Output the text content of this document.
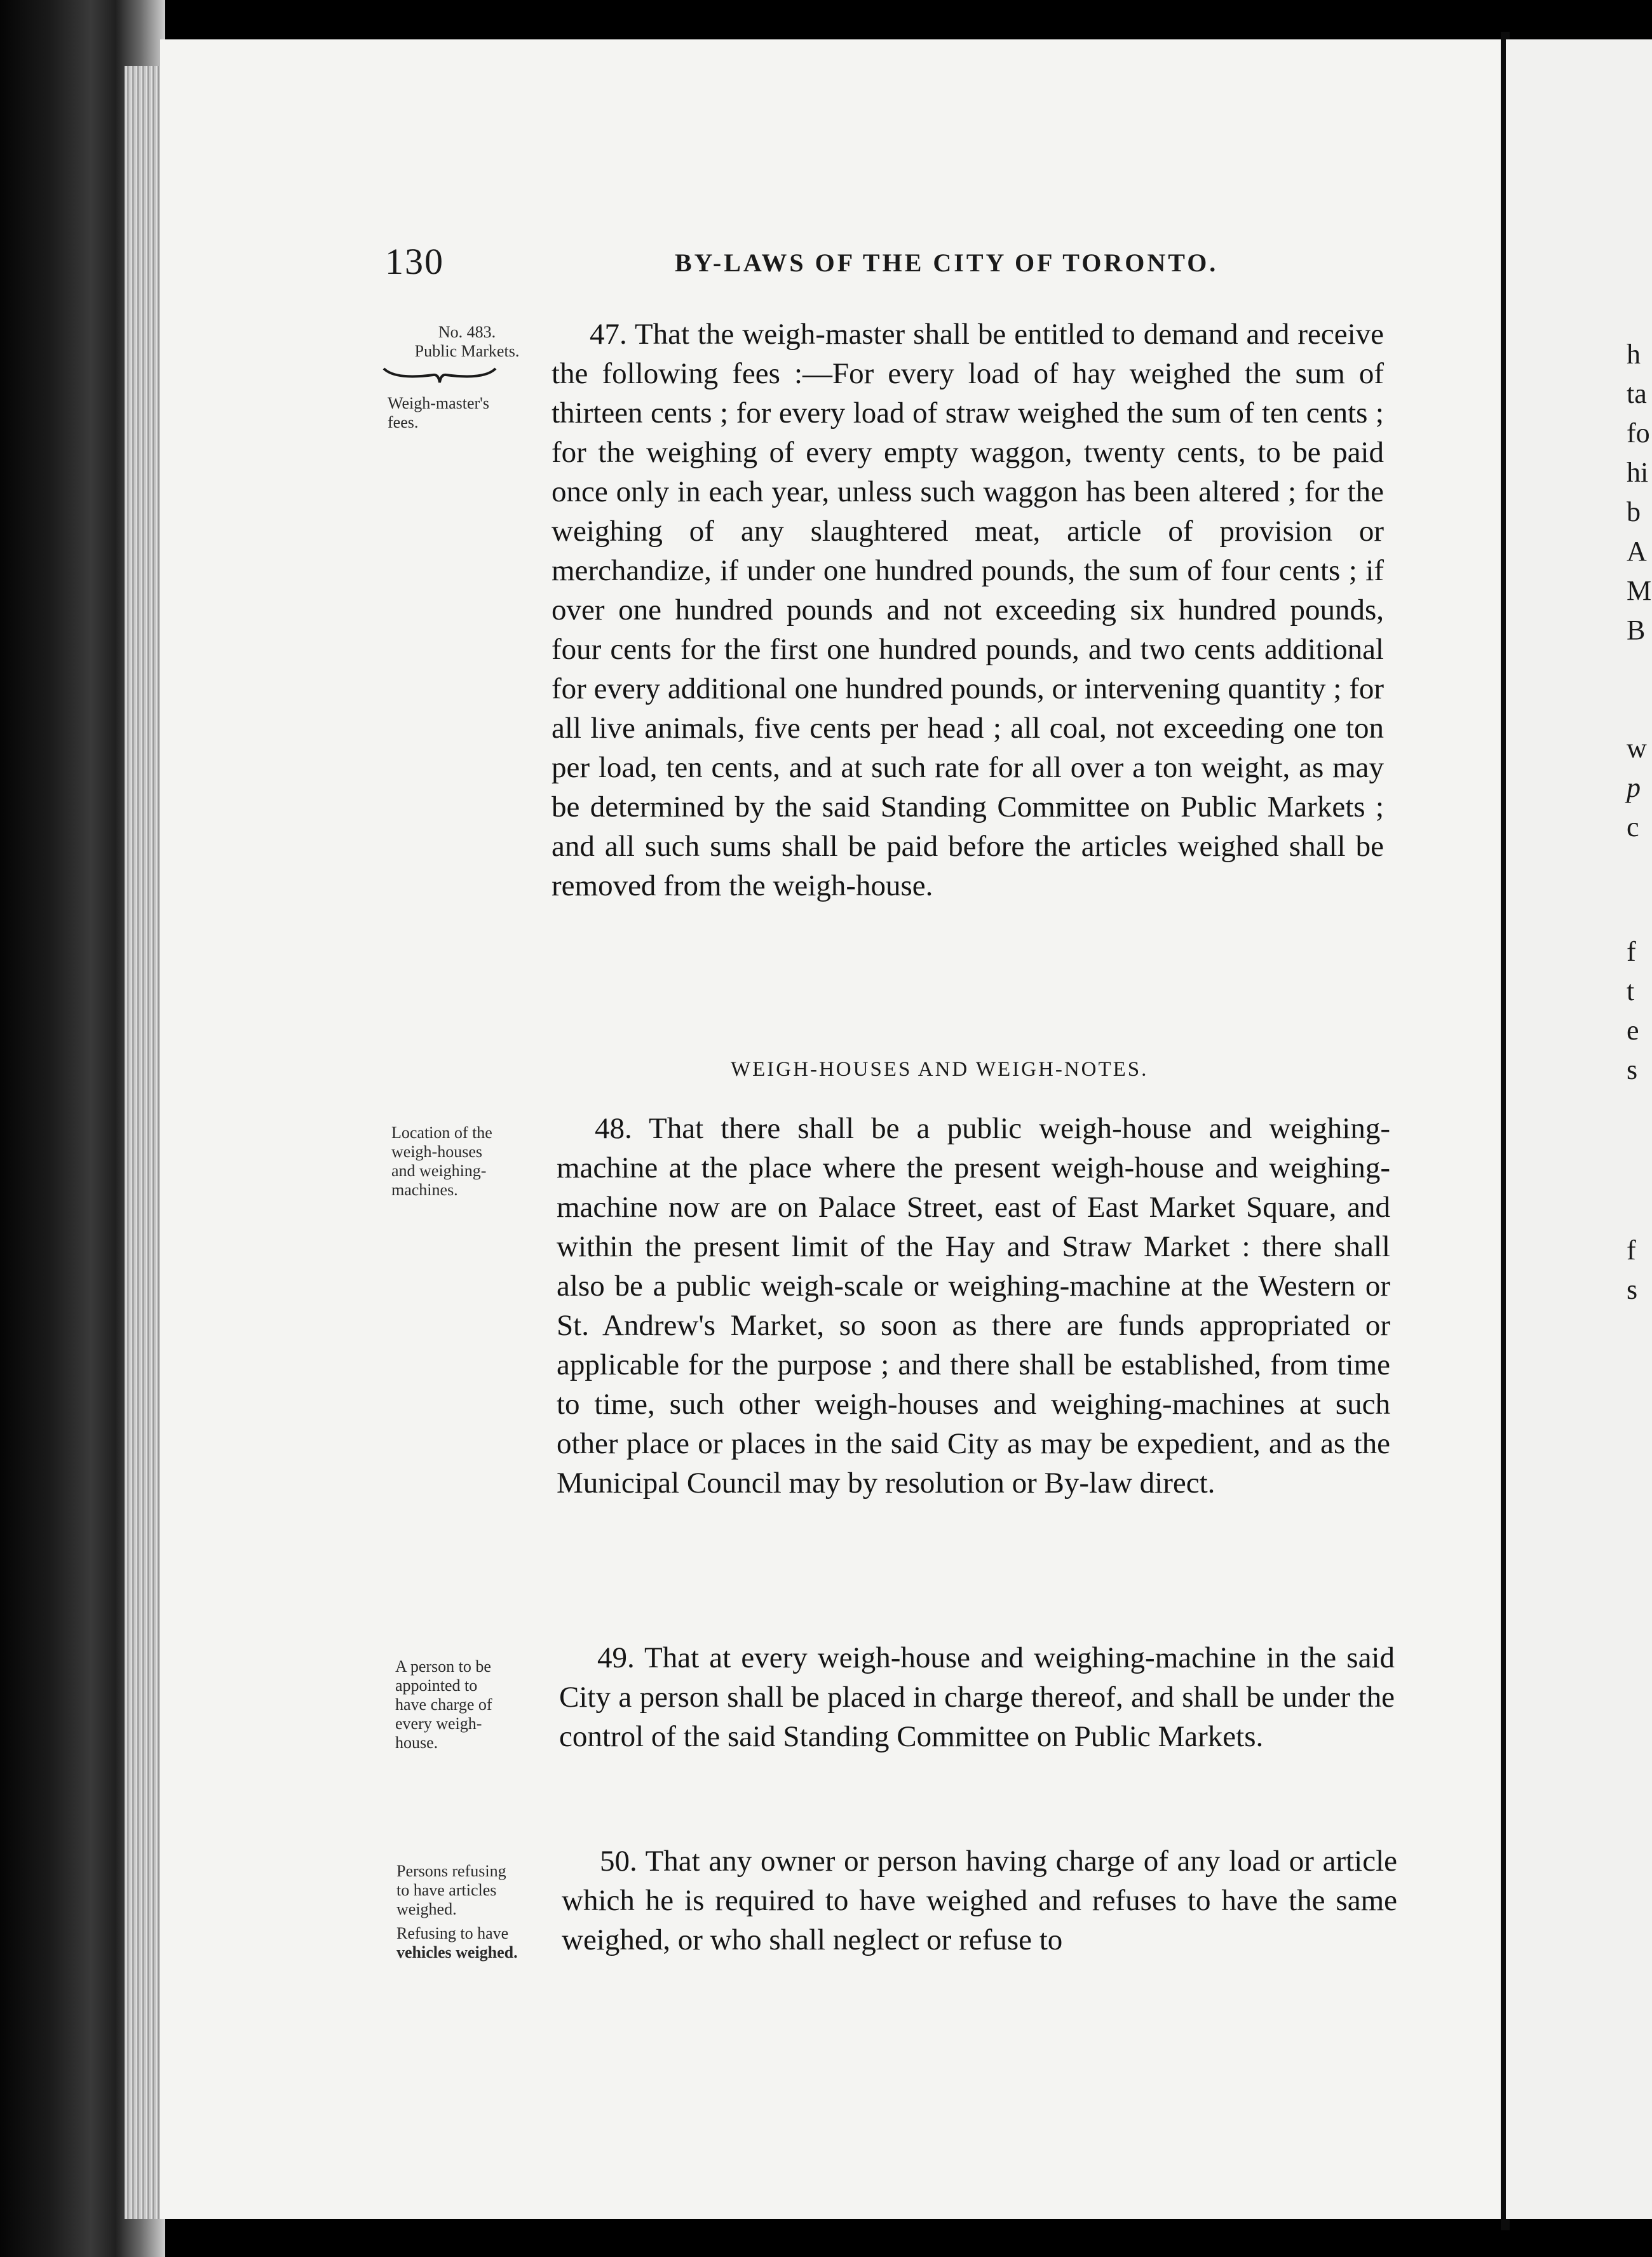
h
ta
fo
hi
b
A
M
B
w
p
c
f
t
e
s
f
s
130	BY-LAWS OF THE CITY OF TORONTO.
No. 483.
Public Markets.
Weigh-master's
fees.
47. That the weigh-master shall be entitled to demand and receive the following fees :—For every load of hay weighed the sum of thirteen cents ; for every load of straw weighed the sum of ten cents ; for the weighing of every empty waggon, twenty cents, to be paid once only in each year, unless such waggon has been altered ; for the weighing of any slaughtered meat, article of provision or merchandize, if under one hundred pounds, the sum of four cents ; if over one hundred pounds and not exceeding six hundred pounds, four cents for the first one hundred pounds, and two cents additional for every additional one hundred pounds, or intervening quantity ; for all live animals, five cents per head ; all coal, not exceeding one ton per load, ten cents, and at such rate for all over a ton weight, as may be determined by the said Standing Committee on Public Markets ; and all such sums shall be paid before the articles weighed shall be removed from the weigh-house.
WEIGH-HOUSES AND WEIGH-NOTES.
Location of the
weigh-houses
and weighing-
machines.
48. That there shall be a public weigh-house and weighing-machine at the place where the present weigh-house and weighing-machine now are on Palace Street, east of East Market Square, and within the present limit of the Hay and Straw Market : there shall also be a public weigh-scale or weighing-machine at the Western or St. Andrew's Market, so soon as there are funds appropriated or applicable for the purpose ; and there shall be established, from time to time, such other weigh-houses and weighing-machines at such other place or places in the said City as may be expedient, and as the Municipal Council may by resolution or By-law direct.
A person to be
appointed to
have charge of
every weigh-
house.
49. That at every weigh-house and weighing-machine in the said City a person shall be placed in charge thereof, and shall be under the control of the said Standing Committee on Public Markets.
Persons refusing
to have articles
weighed.
Refusing to have
vehicles weighed.
50. That any owner or person having charge of any load or article which he is required to have weighed and refuses to have the same weighed, or who shall neglect or refuse to
